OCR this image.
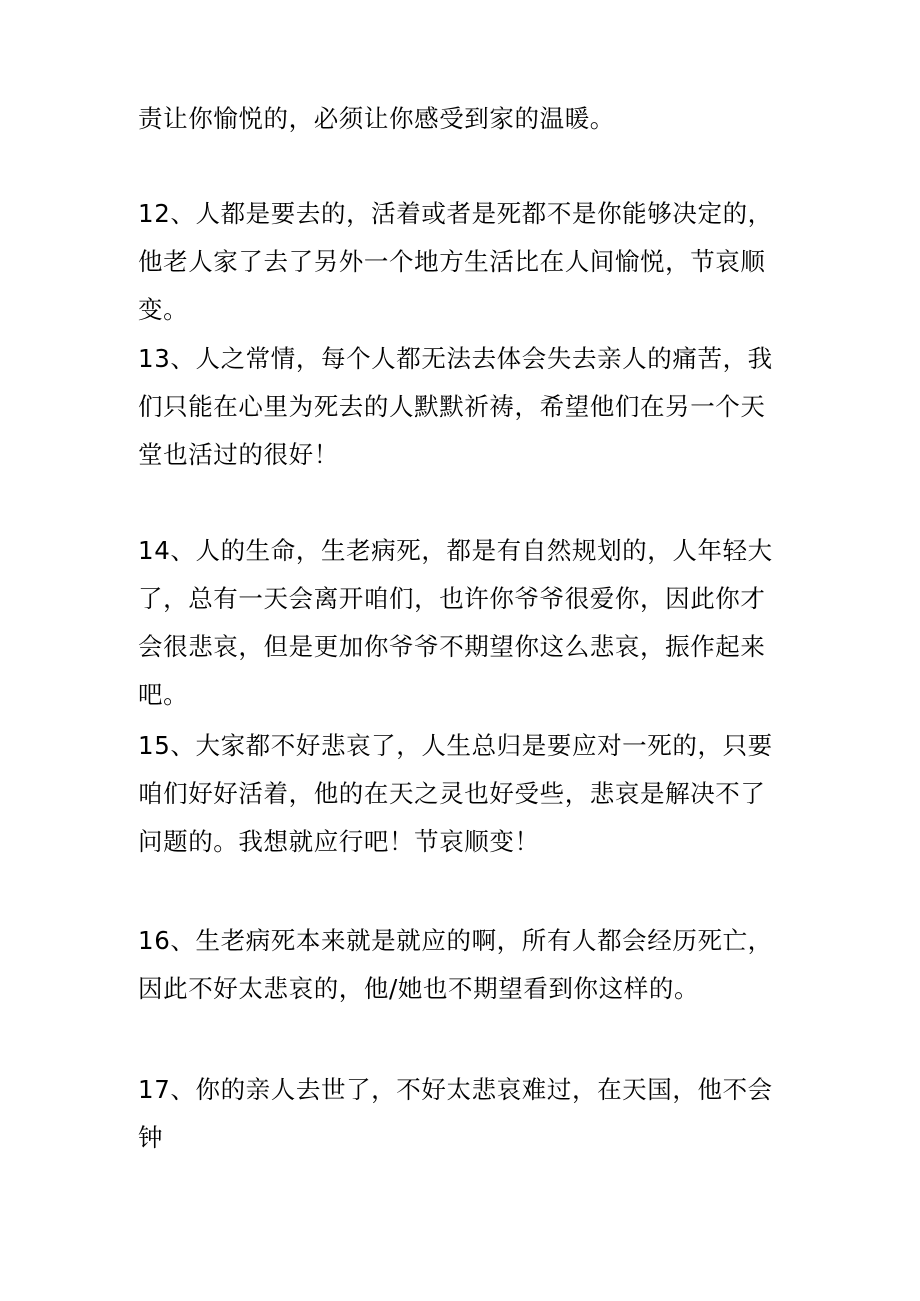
责让你愉悦的，必须让你感受到家的温暖。

12、人都是要去的，活着或者是死都不是你能够决定的，他老人家了去了另外一个地方生活比在人间愉悦，节哀顺变。

13、人之常情，每个人都无法去体会失去亲人的痛苦，我们只能在心里为死去的人默默祈祷，希望他们在另一个天堂也活过的很好！

14、人的生命，生老病死，都是有自然规划的，人年轻大了，总有一天会离开咱们，也许你爷爷很爱你，因此你才会很悲哀，但是更加你爷爷不期望你这么悲哀，振作起来吧。

15、大家都不好悲哀了，人生总归是要应对一死的，只要咱们好好活着，他的在天之灵也好受些，悲哀是解决不了问题的。我想就应行吧！节哀顺变！

16、生老病死本来就是就应的啊，所有人都会经历死亡，因此不好太悲哀的，他/她也不期望看到你这样的。

17、你的亲人去世了，不好太悲哀难过，在天国，他不会钟
